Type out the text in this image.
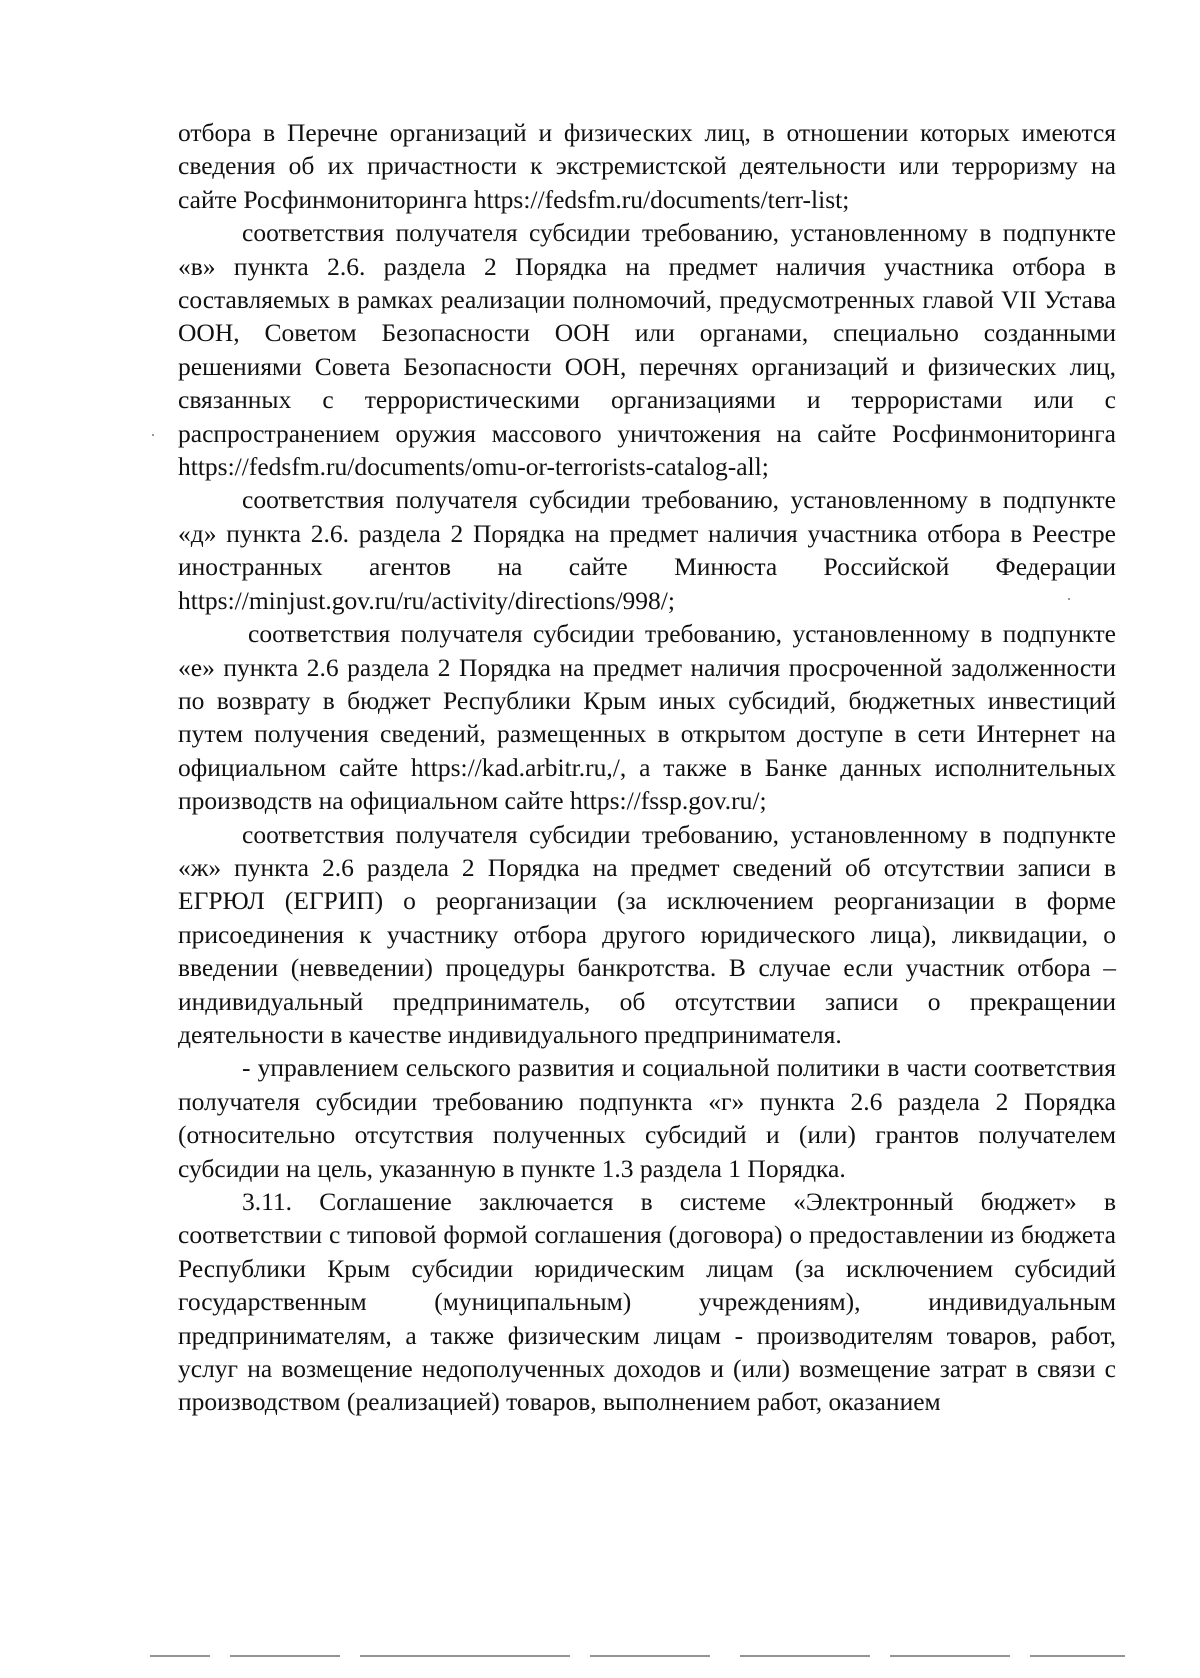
отбора в Перечне организаций и физических лиц, в отношении которых имеются сведения об их причастности к экстремистской деятельности или терроризму на сайте Росфинмониторинга https://fedsfm.ru/documents/terr-list;

соответствия получателя субсидии требованию, установленному в подпункте «в» пункта 2.6. раздела 2 Порядка на предмет наличия участника отбора в составляемых в рамках реализации полномочий, предусмотренных главой VII Устава ООН, Советом Безопасности ООН или органами, специально созданными решениями Совета Безопасности ООН, перечнях организаций и физических лиц, связанных с террористическими организациями и террористами или с распространением оружия массового уничтожения на сайте Росфинмониторинга https://fedsfm.ru/documents/omu-or-terrorists-catalog-all;

соответствия получателя субсидии требованию, установленному в подпункте «д» пункта 2.6. раздела 2 Порядка на предмет наличия участника отбора в Реестре иностранных агентов на сайте Минюста Российской Федерации https://minjust.gov.ru/ru/activity/directions/998/;

соответствия получателя субсидии требованию, установленному в подпункте «е» пункта 2.6 раздела 2 Порядка на предмет наличия просроченной задолженности по возврату в бюджет Республики Крым иных субсидий, бюджетных инвестиций путем получения сведений, размещенных в открытом доступе в сети Интернет на официальном сайте https://kad.arbitr.ru,/, а также в Банке данных исполнительных производств на официальном сайте https://fssp.gov.ru/;

соответствия получателя субсидии требованию, установленному в подпункте «ж» пункта 2.6 раздела 2 Порядка на предмет сведений об отсутствии записи в ЕГРЮЛ (ЕГРИП) о реорганизации (за исключением реорганизации в форме присоединения к участнику отбора другого юридического лица), ликвидации, о введении (невведении) процедуры банкротства. В случае если участник отбора – индивидуальный предприниматель, об отсутствии записи о прекращении деятельности в качестве индивидуального предпринимателя.

- управлением сельского развития и социальной политики в части соответствия получателя субсидии требованию подпункта «г» пункта 2.6 раздела 2 Порядка (относительно отсутствия полученных субсидий и (или) грантов получателем субсидии на цель, указанную в пункте 1.3 раздела 1 Порядка.

3.11. Соглашение заключается в системе «Электронный бюджет» в соответствии с типовой формой соглашения (договора) о предоставлении из бюджета Республики Крым субсидии юридическим лицам (за исключением субсидий государственным (муниципальным) учреждениям), индивидуальным предпринимателям, а также физическим лицам - производителям товаров, работ, услуг на возмещение недополученных доходов и (или) возмещение затрат в связи с производством (реализацией) товаров, выполнением работ, оказанием
